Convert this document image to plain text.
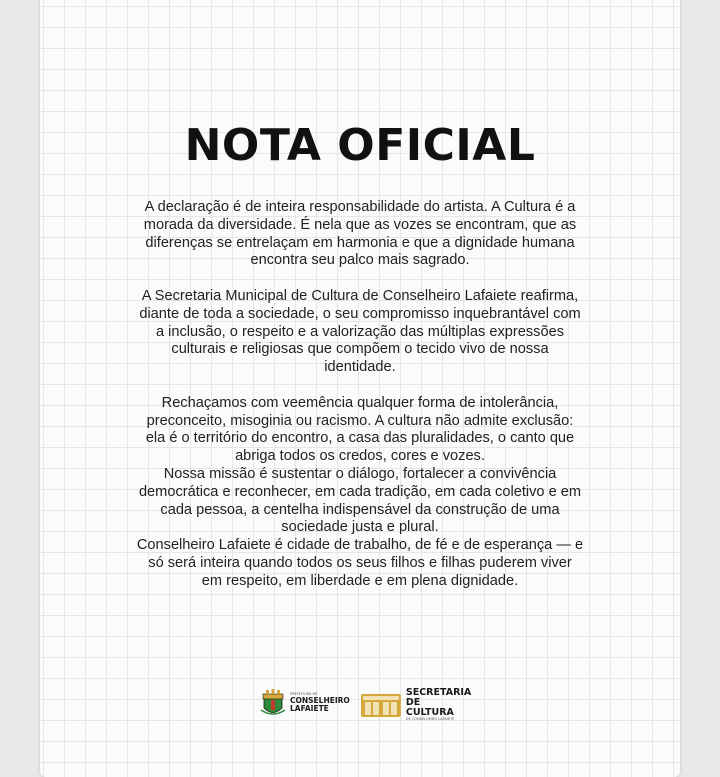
NOTA OFICIAL

A declaração é de inteira responsabilidade do artista. A Cultura é a
morada da diversidade. É nela que as vozes se encontram, que as
diferenças se entrelaçam em harmonia e que a dignidade humana
encontra seu palco mais sagrado.

A Secretaria Municipal de Cultura de Conselheiro Lafaiete reafirma,
diante de toda a sociedade, o seu compromisso inquebrantável com
a inclusão, o respeito e a valorização das múltiplas expressões
culturais e religiosas que compõem o tecido vivo de nossa
identidade.

Rechaçamos com veemência qualquer forma de intolerância,
preconceito, misoginia ou racismo. A cultura não admite exclusão:
ela é o território do encontro, a casa das pluralidades, o canto que
abriga todos os credos, cores e vozes.

Nossa missão é sustentar o diálogo, fortalecer a convivência
democrática e reconhecer, em cada tradição, em cada coletivo e em
cada pessoa, a centelha indispensável da construção de uma
sociedade justa e plural.

Conselheiro Lafaiete é cidade de trabalho, de fé e de esperança — e
só será inteira quando todos os seus filhos e filhas puderem viver
em respeito, em liberdade e em plena dignidade.

PREFEITURA DE
CONSELHEIRO
LAFAIETE
SECRETARIA
DE CULTURA
DE CONSELHEIRO LAFAIETE
